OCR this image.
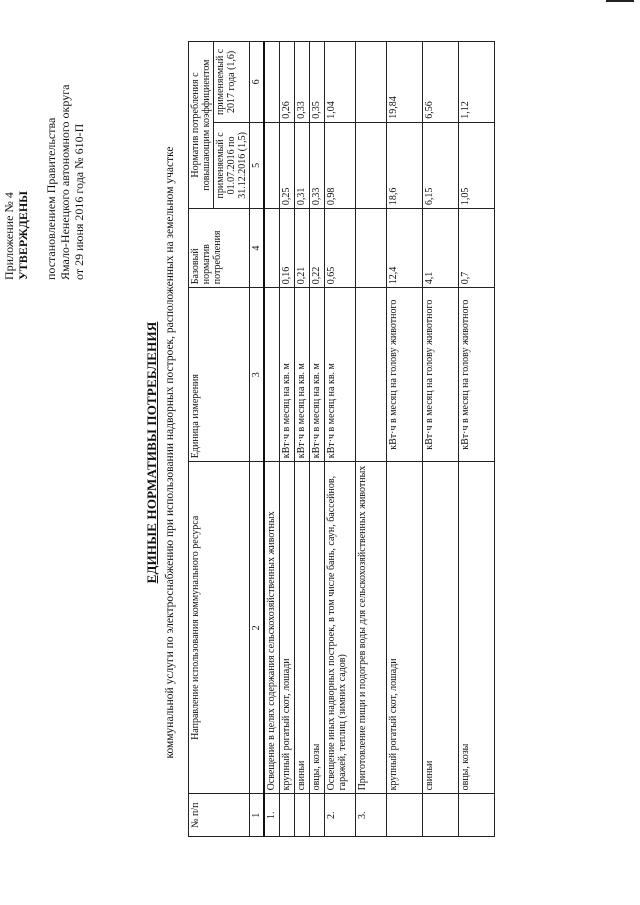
Приложение № 4 УТВЕРЖДЕНЫ постановлением Правительства Ямало-Ненецкого автономного округа от 29 июня 2016 года № 610-П
ЕДИНЫЕ НОРМАТИВЫ ПОТРЕБЛЕНИЯ коммунальной услуги по электроснабжению при использовании надворных построек, расположенных на земельном участке
№ п/п	Направление использования коммунального ресурса	Единица измерения	Базовый норматив потребления	Норматив потребления с повышающим коэффициентом	
				применяемый с 01.07.2016 по 31.12.2016 (1,5)	применяемый с 2017 года (1,6)
1	2	3	4	5	6
1.	Освещение в целях содержания сельскохозяйственных животных				
	крупный рогатый скот, лошади	кВт·ч в месяц на кв. м	0,16	0,25	0,26
	свиньи	кВт·ч в месяц на кв. м	0,21	0,31	0,33
	овцы, козы	кВт·ч в месяц на кв. м	0,22	0,33	0,35
2.	Освещение иных надворных построек, в том числе бань, саун, бассейнов, гаражей, теплиц (зимних садов)	кВт·ч в месяц на кв. м	0,65	0,98	1,04
3.	Приготовление пищи и подогрев воды для сельскохозяйственных животных				
	крупный рогатый скот, лошади	кВт·ч в месяц на голову животного	12,4	18,6	19,84
	свиньи	кВт·ч в месяц на голову животного	4,1	6,15	6,56
	овцы, козы	кВт·ч в месяц на голову животного	0,7	1,05	1,12
